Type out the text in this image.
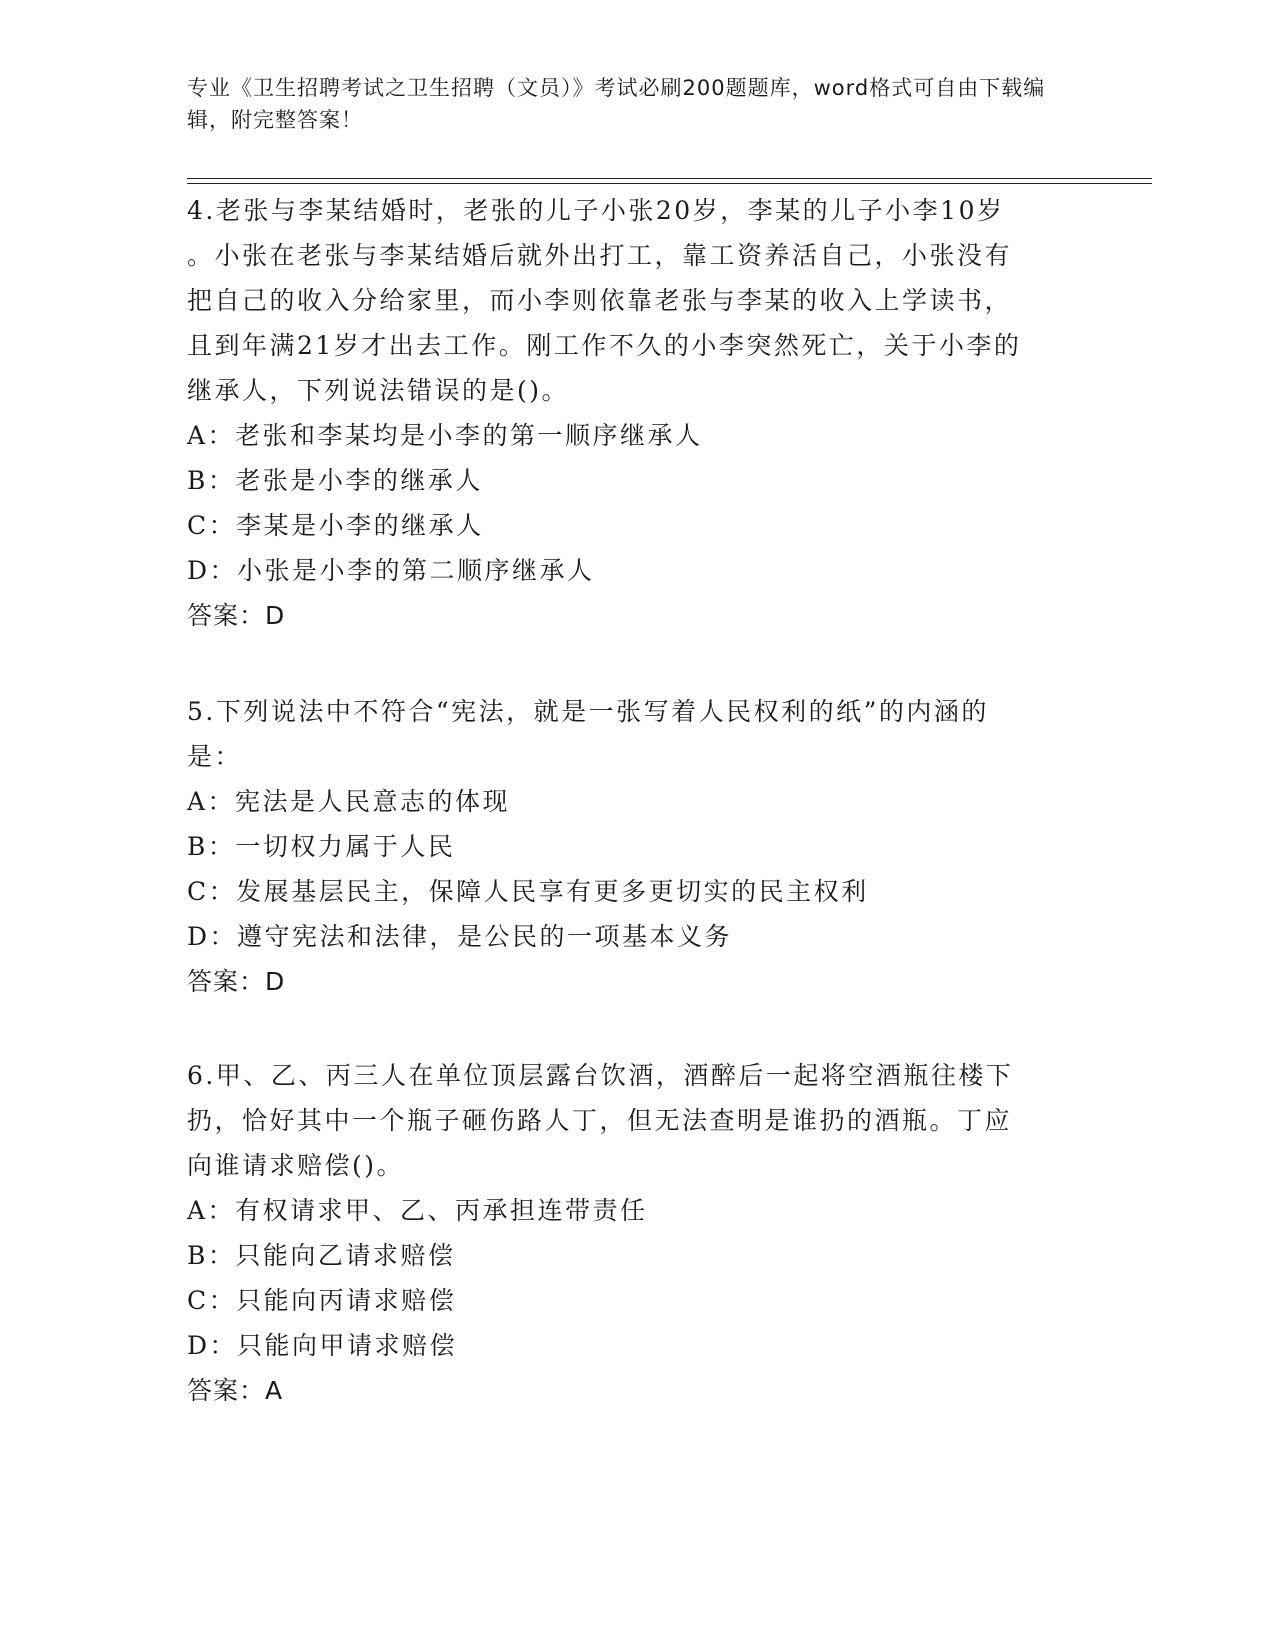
专业《卫生招聘考试之卫生招聘（文员）》考试必刷200题题库，word格式可自由下载编辑，附完整答案！

4.老张与李某结婚时，老张的儿子小张20岁，李某的儿子小李10岁

。小张在老张与李某结婚后就外出打工，靠工资养活自己，小张没有

把自己的收入分给家里，而小李则依靠老张与李某的收入上学读书，

且到年满21岁才出去工作。刚工作不久的小李突然死亡，关于小李的

继承人，下列说法错误的是()。

A：老张和李某均是小李的第一顺序继承人

B：老张是小李的继承人

C：李某是小李的继承人

D：小张是小李的第二顺序继承人

答案：D

5.下列说法中不符合“宪法，就是一张写着人民权利的纸”的内涵的

是：

A：宪法是人民意志的体现

B：一切权力属于人民

C：发展基层民主，保障人民享有更多更切实的民主权利

D：遵守宪法和法律，是公民的一项基本义务

答案：D

6.甲、乙、丙三人在单位顶层露台饮酒，酒醉后一起将空酒瓶往楼下

扔，恰好其中一个瓶子砸伤路人丁，但无法查明是谁扔的酒瓶。丁应

向谁请求赔偿()。

A：有权请求甲、乙、丙承担连带责任

B：只能向乙请求赔偿

C：只能向丙请求赔偿

D：只能向甲请求赔偿

答案：A
